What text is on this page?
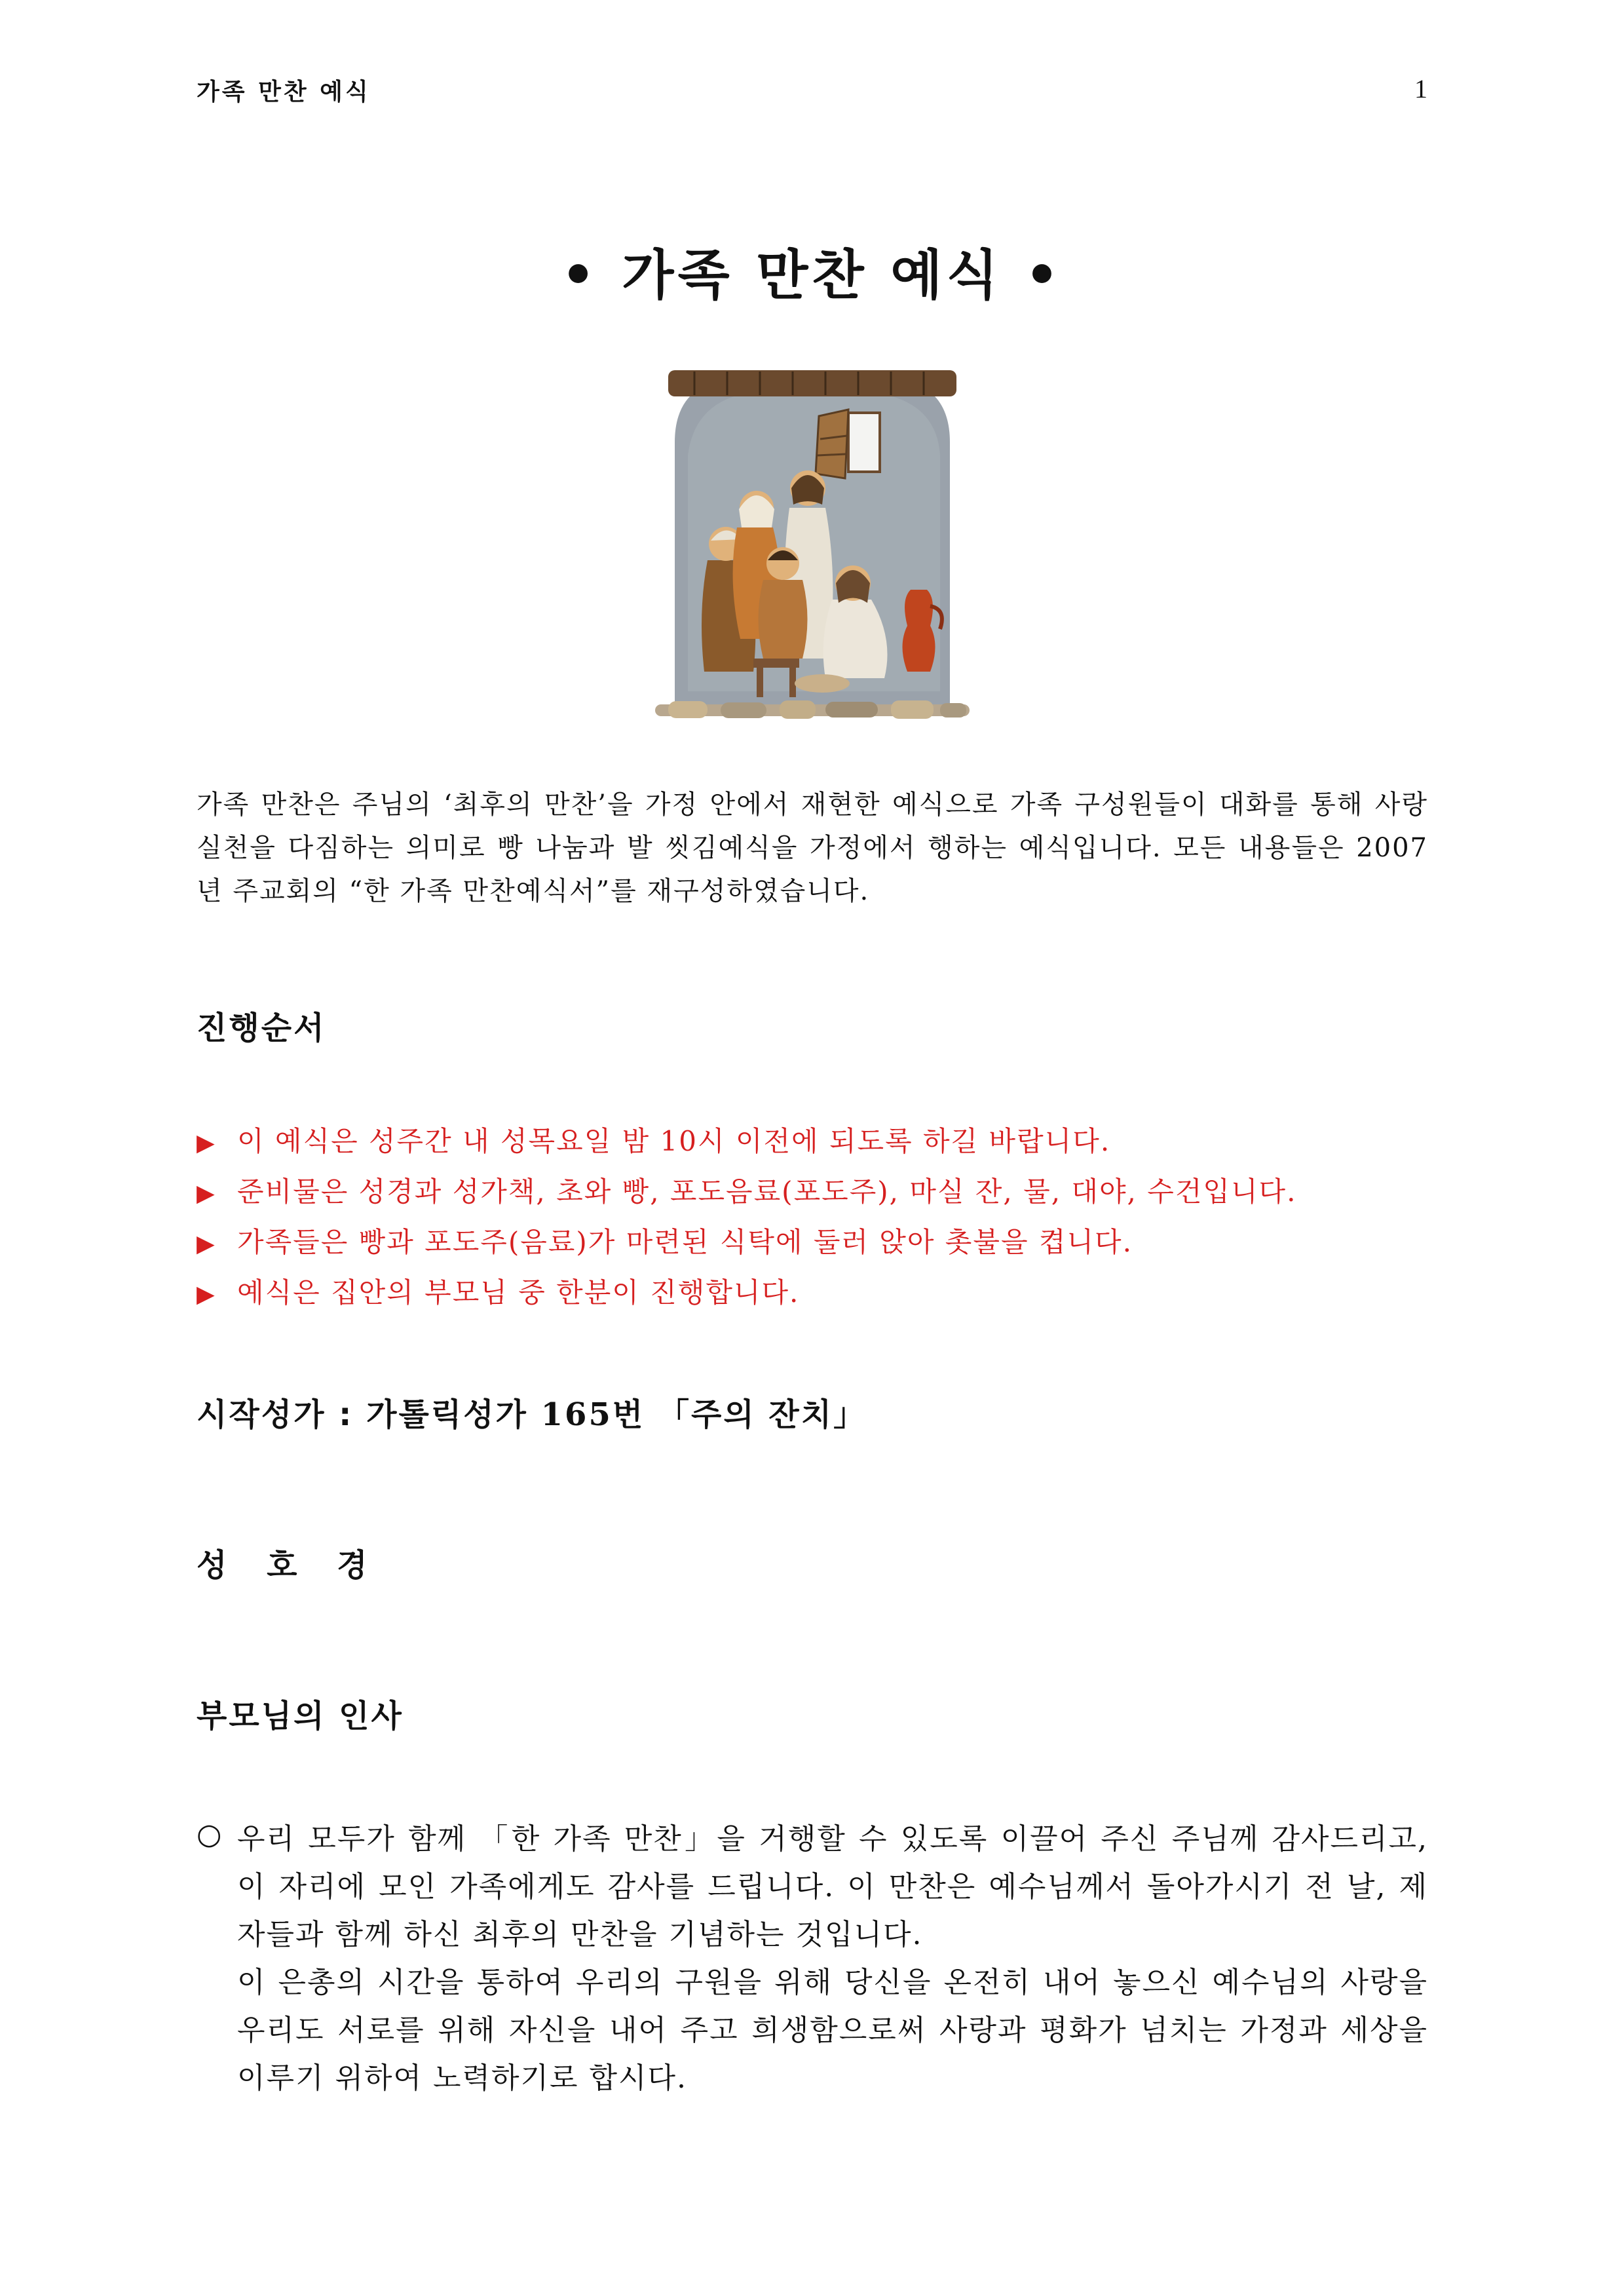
가족 만찬 예식	1
• 가족 만찬 예식 •
가족 만찬은 주님의 ‘최후의 만찬’을 가정 안에서 재현한 예식으로 가족 구성원들이 대화를 통해 사랑 실천을 다짐하는 의미로 빵 나눔과 발 씻김예식을 가정에서 행하는 예식입니다. 모든 내용들은 2007년 주교회의 “한 가족 만찬예식서”를 재구성하였습니다.
진행순서
▶ 이 예식은 성주간 내 성목요일 밤 10시 이전에 되도록 하길 바랍니다.
▶ 준비물은 성경과 성가책, 초와 빵, 포도음료(포도주), 마실 잔, 물, 대야, 수건입니다.
▶ 가족들은 빵과 포도주(음료)가 마련된 식탁에 둘러 앉아 촛불을 켭니다.
▶ 예식은 집안의 부모님 중 한분이 진행합니다.
시작성가 : 가톨릭성가 165번 「주의 잔치」
성 호 경
부모님의 인사
○ 우리 모두가 함께 「한 가족 만찬」을 거행할 수 있도록 이끌어 주신 주님께 감사드리고, 이 자리에 모인 가족에게도 감사를 드립니다. 이 만찬은 예수님께서 돌아가시기 전 날, 제자들과 함께 하신 최후의 만찬을 기념하는 것입니다.

이 은총의 시간을 통하여 우리의 구원을 위해 당신을 온전히 내어 놓으신 예수님의 사랑을 우리도 서로를 위해 자신을 내어 주고 희생함으로써 사랑과 평화가 넘치는 가정과 세상을 이루기 위하여 노력하기로 합시다.
